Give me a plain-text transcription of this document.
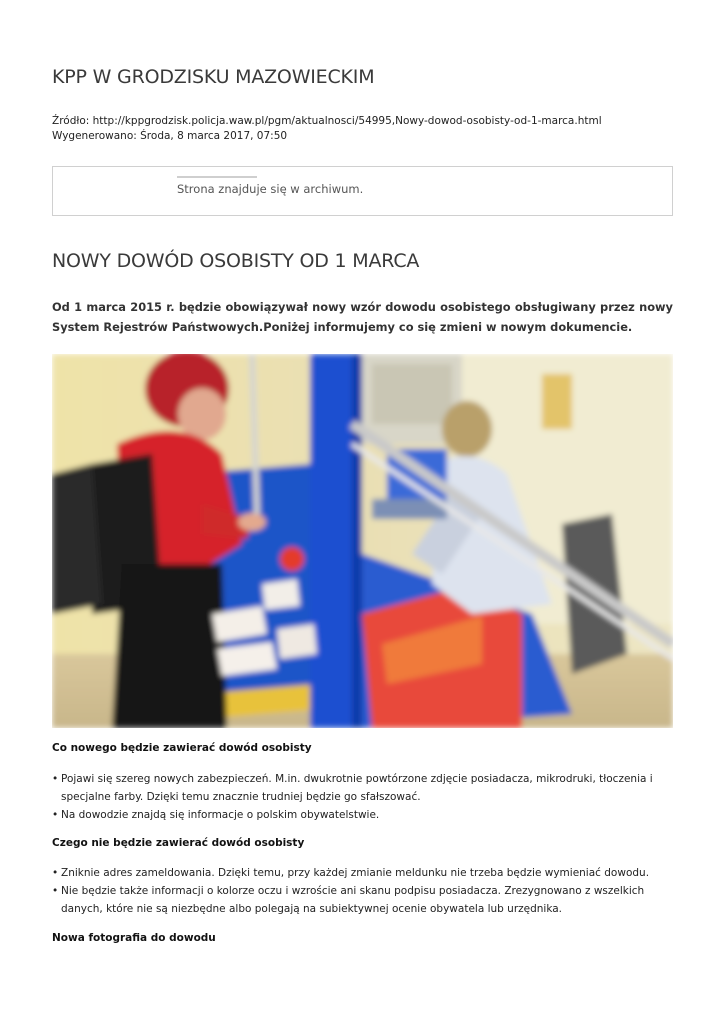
KPP W GRODZISKU MAZOWIECKIM
Źródło: http://kppgrodzisk.policja.waw.pl/pgm/aktualnosci/54995,Nowy-dowod-osobisty-od-1-marca.html
Wygenerowano: Środa, 8 marca 2017, 07:50
Strona znajduje się w archiwum.
NOWY DOWÓD OSOBISTY OD 1 MARCA
Od 1 marca 2015 r. będzie obowiązywał nowy wzór dowodu osobistego obsługiwany przez nowy System Rejestrów Państwowych.Poniżej informujemy co się zmieni w nowym dokumencie.
Co nowego będzie zawierać dowód osobisty
• Pojawi się szereg nowych zabezpieczeń. M.in. dwukrotnie powtórzone zdjęcie posiadacza, mikrodruki, tłoczenia i specjalne farby. Dzięki temu znacznie trudniej będzie go sfałszować.
• Na dowodzie znajdą się informacje o polskim obywatelstwie.
Czego nie będzie zawierać dowód osobisty
• Zniknie adres zameldowania. Dzięki temu, przy każdej zmianie meldunku nie trzeba będzie wymieniać dowodu.
• Nie będzie także informacji o kolorze oczu i wzroście ani skanu podpisu posiadacza. Zrezygnowano z wszelkich danych, które nie są niezbędne albo polegają na subiektywnej ocenie obywatela lub urzędnika.
Nowa fotografia do dowodu
